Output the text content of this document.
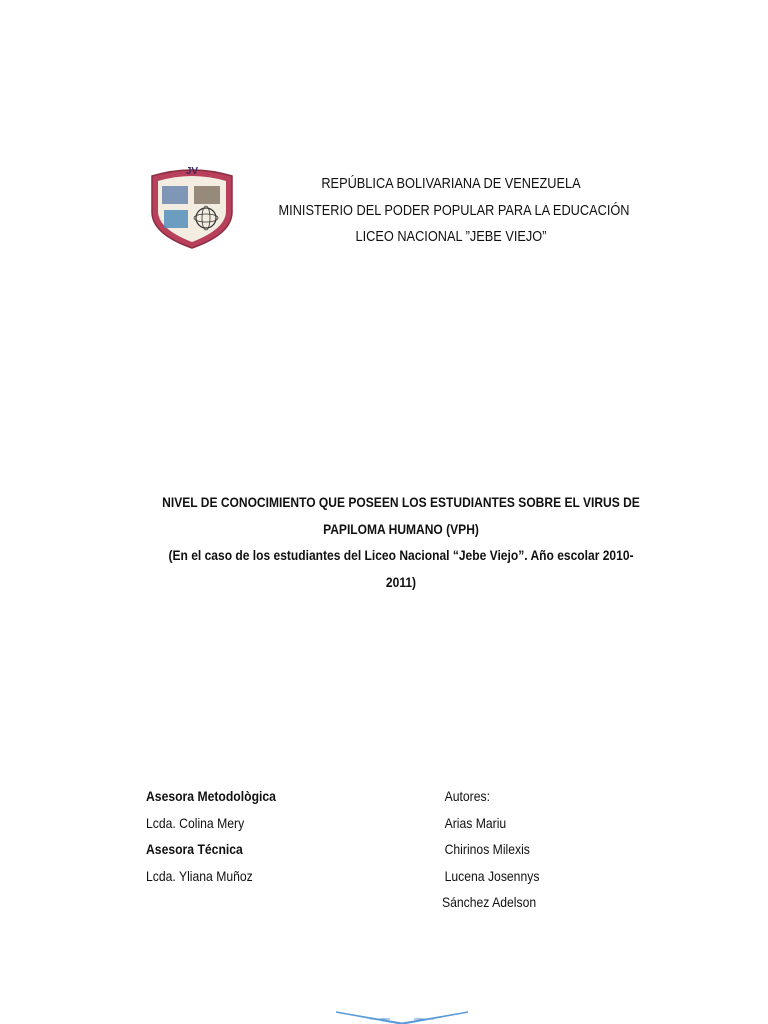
JV
REPÚBLICA BOLIVARIANA DE VENEZUELA
MINISTERIO DEL PODER POPULAR PARA LA EDUCACIÓN
LICEO NACIONAL ”JEBE VIEJO”
NIVEL DE CONOCIMIENTO QUE POSEEN LOS ESTUDIANTES SOBRE EL VIRUS DE
PAPILOMA HUMANO (VPH)
(En el caso de los estudiantes del Liceo Nacional “Jebe Viejo”. Año escolar 2010-
2011)
Asesora Metodològica
Lcda. Colina Mery
Asesora Técnica
Lcda. Yliana Muñoz
Autores:
Arias Mariu
Chirinos Milexis
Lucena Josennys
Sánchez Adelson
